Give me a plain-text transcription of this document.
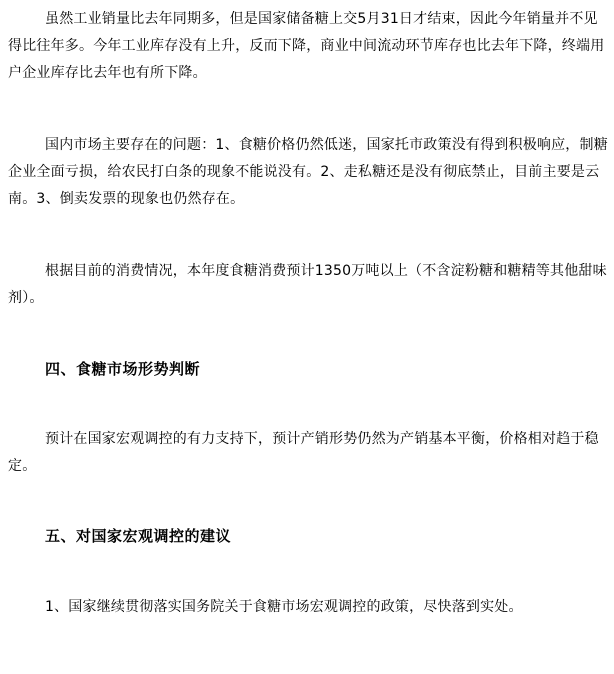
虽然工业销量比去年同期多，但是国家储备糖上交5月31日才结束，因此今年销量并不见得比往年多。今年工业库存没有上升，反而下降，商业中间流动环节库存也比去年下降，终端用户企业库存比去年也有所下降。

国内市场主要存在的问题：1、食糖价格仍然低迷，国家托市政策没有得到积极响应，制糖企业全面亏损，给农民打白条的现象不能说没有。2、走私糖还是没有彻底禁止，目前主要是云南。3、倒卖发票的现象也仍然存在。

根据目前的消费情况，本年度食糖消费预计1350万吨以上（不含淀粉糖和糖精等其他甜味剂）。

四、食糖市场形势判断

预计在国家宏观调控的有力支持下，预计产销形势仍然为产销基本平衡，价格相对趋于稳定。

五、对国家宏观调控的建议

1、国家继续贯彻落实国务院关于食糖市场宏观调控的政策，尽快落到实处。
